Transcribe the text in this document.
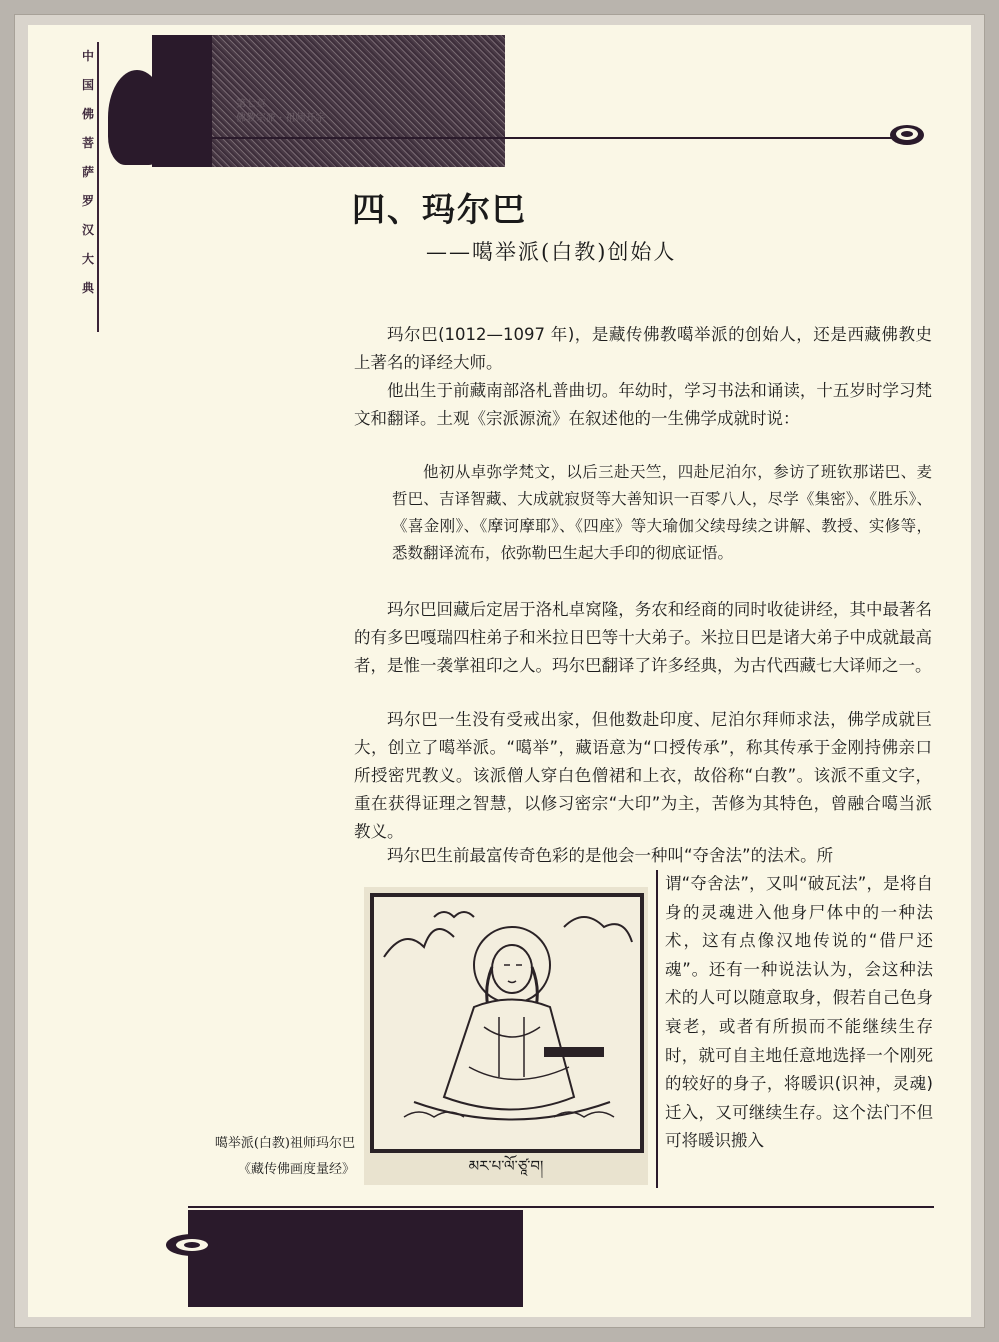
中
国
佛
菩
萨
罗
汉
大
典
第七章
佛教宗派 · 祖师开宗
四、玛尔巴
——噶举派(白教)创始人

玛尔巴(1012—1097 年)，是藏传佛教噶举派的创始人，还是西藏佛教史上著名的译经大师。

他出生于前藏南部洛札普曲切。年幼时，学习书法和诵读，十五岁时学习梵文和翻译。土观《宗派源流》在叙述他的一生佛学成就时说：

他初从卓弥学梵文，以后三赴天竺，四赴尼泊尔，参访了班钦那诺巴、麦哲巴、吉译智藏、大成就寂贤等大善知识一百零八人，尽学《集密》、《胜乐》、《喜金刚》、《摩诃摩耶》、《四座》等大瑜伽父续母续之讲解、教授、实修等，悉数翻译流布，依弥勒巴生起大手印的彻底证悟。

玛尔巴回藏后定居于洛札卓窝隆，务农和经商的同时收徒讲经，其中最著名的有多巴嘎瑞四柱弟子和米拉日巴等十大弟子。米拉日巴是诸大弟子中成就最高者，是惟一袭掌祖印之人。玛尔巴翻译了许多经典，为古代西藏七大译师之一。

玛尔巴一生没有受戒出家，但他数赴印度、尼泊尔拜师求法，佛学成就巨大，创立了噶举派。“噶举”，藏语意为“口授传承”，称其传承于金刚持佛亲口所授密咒教义。该派僧人穿白色僧裙和上衣，故俗称“白教”。该派不重文字，重在获得证理之智慧，以修习密宗“大印”为主，苦修为其特色，曾融合噶当派教义。

玛尔巴生前最富传奇色彩的是他会一种叫“夺舍法”的法术。所

谓“夺舍法”，又叫“破瓦法”，是将自身的灵魂进入他身尸体中的一种法术，这有点像汉地传说的“借尸还魂”。还有一种说法认为，会这种法术的人可以随意取身，假若自己色身衰老，或者有所损而不能继续生存时，就可自主地任意地选择一个刚死的较好的身子，将暖识(识神，灵魂)迁入，又可继续生存。这个法门不但可将暖识搬入

མར་པ་ལོ་ཙཱ་བ།
噶举派(白教)祖师玛尔巴
《藏传佛画度量经》
